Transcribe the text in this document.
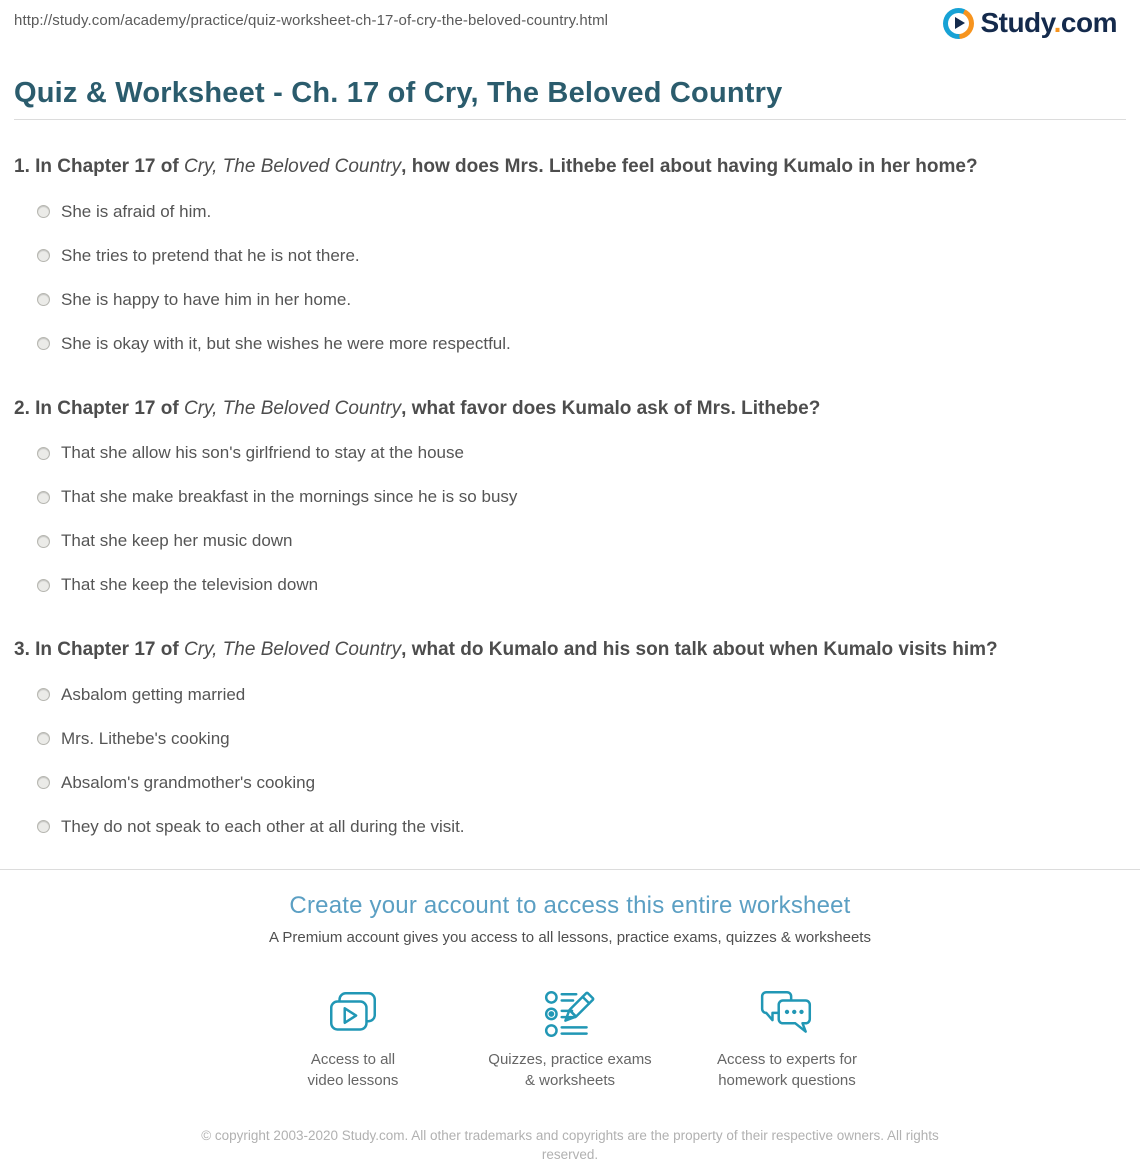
http://study.com/academy/practice/quiz-worksheet-ch-17-of-cry-the-beloved-country.html	Study.com
Quiz & Worksheet - Ch. 17 of Cry, The Beloved Country
1. In Chapter 17 of Cry, The Beloved Country, how does Mrs. Lithebe feel about having Kumalo in her home?
She is afraid of him.
She tries to pretend that he is not there.
She is happy to have him in her home.
She is okay with it, but she wishes he were more respectful.
2. In Chapter 17 of Cry, The Beloved Country, what favor does Kumalo ask of Mrs. Lithebe?
That she allow his son's girlfriend to stay at the house
That she make breakfast in the mornings since he is so busy
That she keep her music down
That she keep the television down
3. In Chapter 17 of Cry, The Beloved Country, what do Kumalo and his son talk about when Kumalo visits him?
Asbalom getting married
Mrs. Lithebe's cooking
Absalom's grandmother's cooking
They do not speak to each other at all during the visit.
Create your account to access this entire worksheet
A Premium account gives you access to all lessons, practice exams, quizzes & worksheets
Access to all
video lessons
Quizzes, practice exams
& worksheets
Access to experts for
homework questions
© copyright 2003-2020 Study.com. All other trademarks and copyrights are the property of their respective owners. All rights reserved.
